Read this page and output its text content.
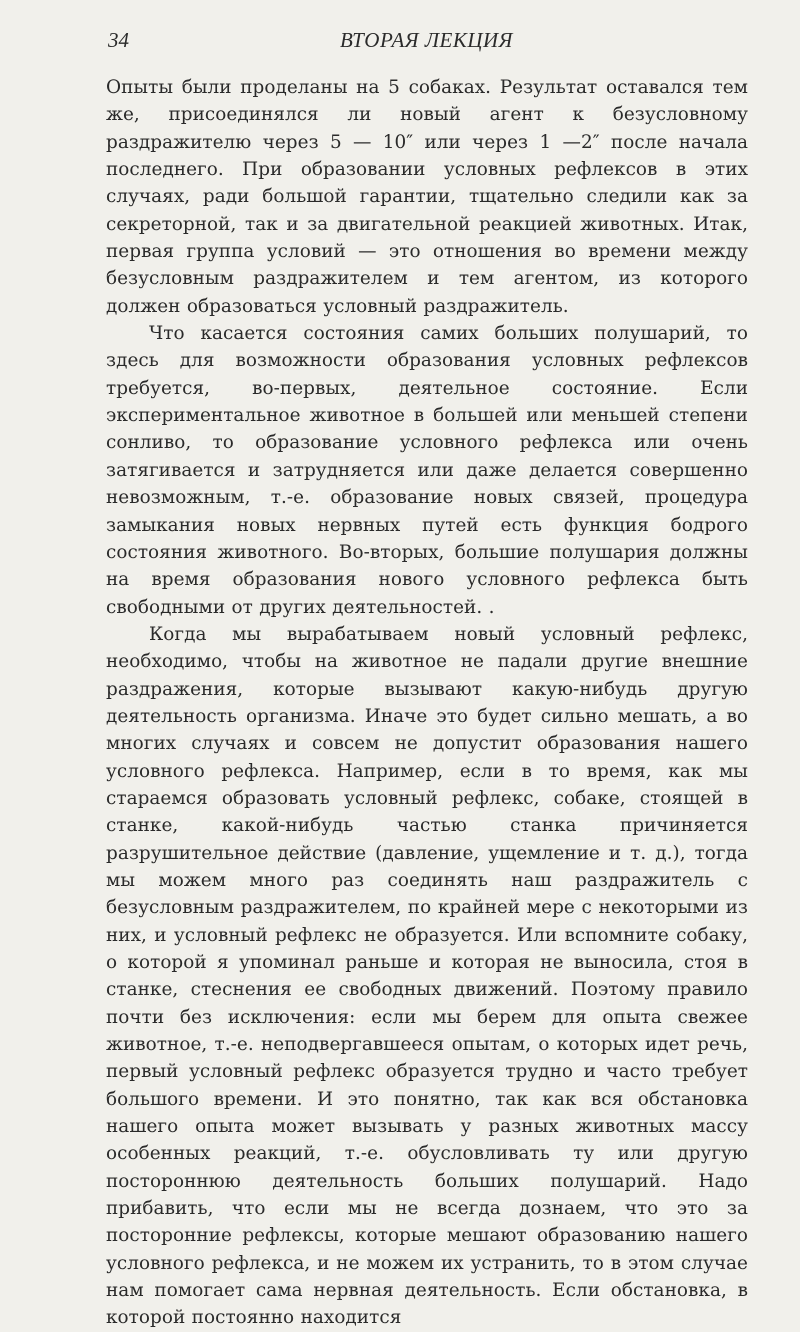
34	ВТОРАЯ ЛЕКЦИЯ

Опыты были проделаны на 5 собаках. Результат оставался тем же, присоединялся ли новый агент к безусловному раздражителю через 5 — 10″ или через 1 —2″ после начала последнего. При образовании условных рефлексов в этих случаях, ради большой гарантии, тщательно следили как за секреторной, так и за двигательной реакцией животных. Итак, первая группа условий — это отношения во времени между безусловным раздражителем и тем агентом, из которого должен образоваться условный раздражитель.

Что касается состояния самих больших полушарий, то здесь для возможности образования условных рефлексов требуется, во-первых, деятельное состояние. Если экспериментальное животное в большей или меньшей степени сонливо, то образование условного рефлекса или очень затягивается и затрудняется или даже делается совершенно невозможным, т.-е. образование новых связей, процедура замыкания новых нервных путей есть функция бодрого состояния животного. Во-вторых, большие полушария должны на время образования нового условного рефлекса быть свободными от других деятельностей. .

Когда мы вырабатываем новый условный рефлекс, необходимо, чтобы на животное не падали другие внешние раздражения, которые вызывают какую-нибудь другую деятельность организма. Иначе это будет сильно мешать, а во многих случаях и совсем не допустит образования нашего условного рефлекса. Например, если в то время, как мы стараемся образовать условный рефлекс, собаке, стоящей в станке, какой-нибудь частью станка причиняется разрушительное действие (давление, ущемление и т. д.), тогда мы можем много раз соединять наш раздражитель с безусловным раздражителем, по крайней мере с некоторыми из них, и условный рефлекс не образуется. Или вспомните собаку, о которой я упоминал раньше и которая не выносила, стоя в станке, стеснения ее свободных движений. Поэтому правило почти без исключения: если мы берем для опыта свежее животное, т.-е. неподвергавшееся опытам, о которых идет речь, первый условный рефлекс образуется трудно и часто требует большого времени. И это понятно, так как вся обстановка нашего опыта может вызывать у разных животных массу особенных реакций, т.-е. обусловливать ту или другую постороннюю деятельность больших полушарий. Надо прибавить, что если мы не всегда дознаем, что это за посторонние рефлексы, которые мешают образованию нашего условного рефлекса, и не можем их устранить, то в этом случае нам помогает сама нервная деятельность. Если обстановка, в которой постоянно находится
